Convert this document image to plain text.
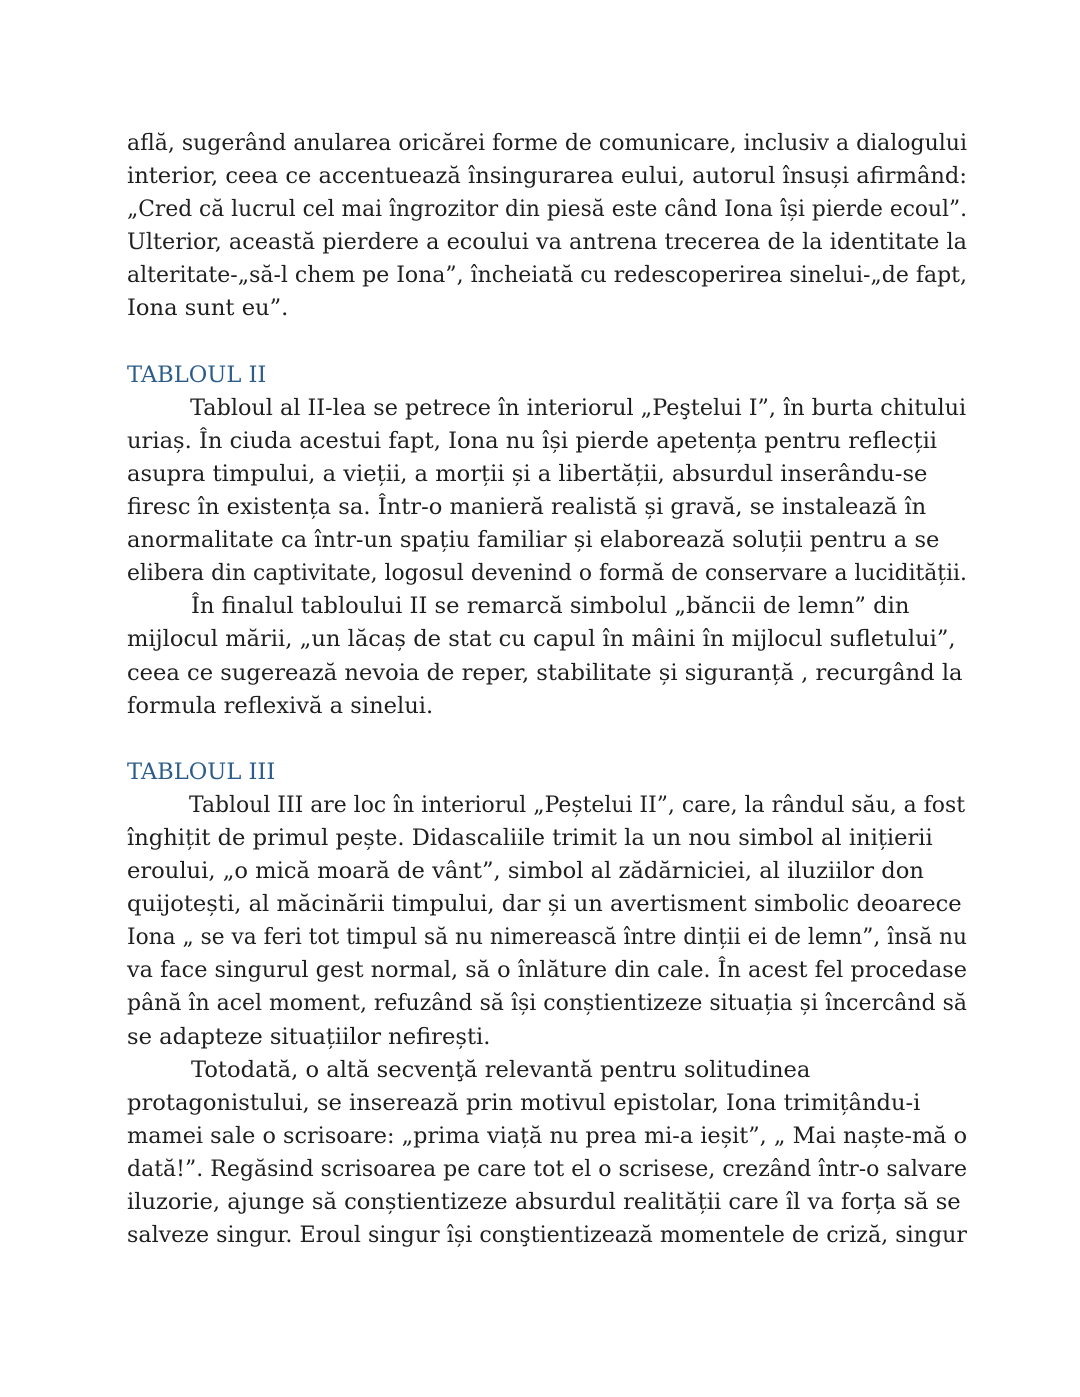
află, sugerând anularea oricărei forme de comunicare, inclusiv a dialogului
interior, ceea ce accentuează însingurarea eului, autorul însuși afirmând:
„Cred că lucrul cel mai îngrozitor din piesă este când Iona își pierde ecoul”.
Ulterior, această pierdere a ecoului va antrena trecerea de la identitate la
alteritate-„să-l chem pe Iona”, încheiată cu redescoperirea sinelui-„de fapt,
Iona sunt eu”.
TABLOUL II
Tabloul al II-lea se petrece în interiorul „Peştelui I”, în burta chitului
uriaș. În ciuda acestui fapt, Iona nu își pierde apetența pentru reflecții
asupra timpului, a vieții, a morții și a libertății, absurdul inserându-se
firesc în existența sa. Într-o manieră realistă și gravă, se instalează în
anormalitate ca într-un spațiu familiar și elaborează soluții pentru a se
elibera din captivitate, logosul devenind o formă de conservare a lucidității.
În finalul tabloului II se remarcă simbolul „băncii de lemn” din
mijlocul mării, „un lăcaș de stat cu capul în mâini în mijlocul sufletului”,
ceea ce sugerează nevoia de reper, stabilitate și siguranță , recurgând la
formula reflexivă a sinelui.
TABLOUL III
Tabloul III are loc în interiorul „Peștelui II”, care, la rândul său, a fost
înghițit de primul pește. Didascaliile trimit la un nou simbol al inițierii
eroului, „o mică moară de vânt”, simbol al zădărniciei, al iluziilor don
quijotești, al măcinării timpului, dar și un avertisment simbolic deoarece
Iona „ se va feri tot timpul să nu nimerească între dinții ei de lemn”, însă nu
va face singurul gest normal, să o înlăture din cale. În acest fel procedase
până în acel moment, refuzând să își conștientizeze situația și încercând să
se adapteze situațiilor nefirești.
Totodată, o altă secvenţă relevantă pentru solitudinea
protagonistului, se inserează prin motivul epistolar, Iona trimițându-i
mamei sale o scrisoare: „prima viață nu prea mi-a ieșit”, „ Mai naște-mă o
dată!”. Regăsind scrisoarea pe care tot el o scrisese, crezând într-o salvare
iluzorie, ajunge să conștientizeze absurdul realității care îl va forța să se
salveze singur. Eroul singur își conştientizează momentele de criză, singur
